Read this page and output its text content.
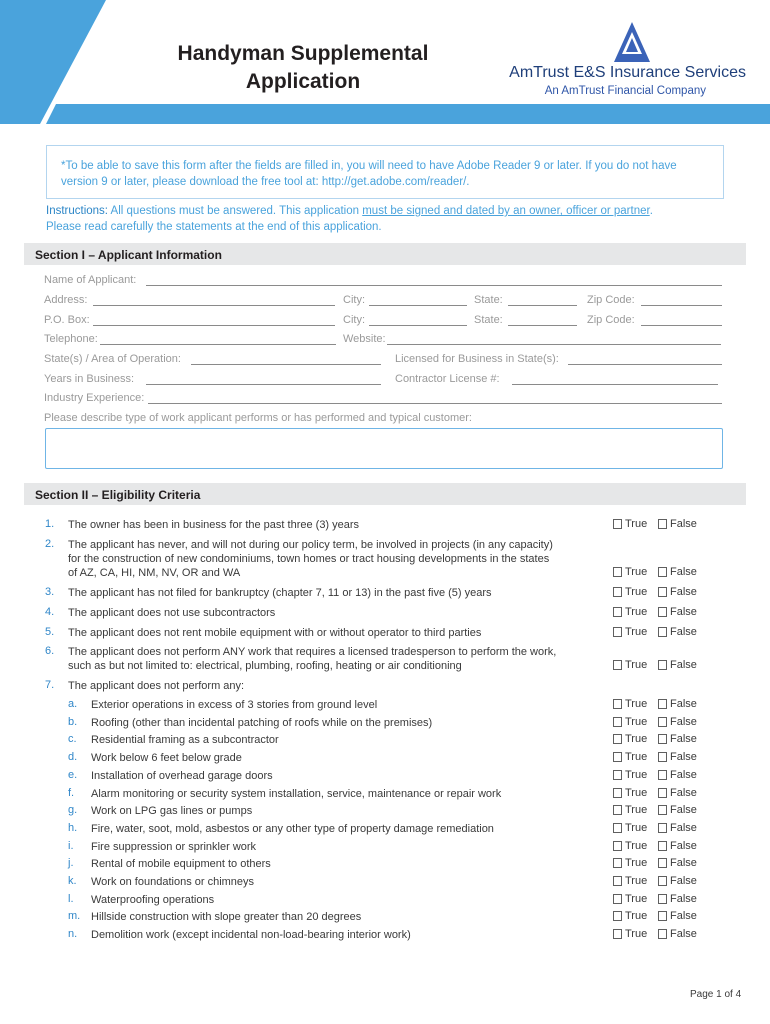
Handyman Supplemental
Application	AmTrust E&S Insurance Services
An AmTrust Financial Company
*To be able to save this form after the fields are filled in, you will need to have Adobe Reader 9 or later. If you do not have version 9 or later, please download the free tool at: http://get.adobe.com/reader/.
Instructions: All questions must be answered. This application must be signed and dated by an owner, officer or partner.
Please read carefully the statements at the end of this application.
Section I – Applicant Information
Name of Applicant:
Address:	City:	State:	Zip Code:
P.O. Box:	City:	State:	Zip Code:
Telephone:	Website:
State(s) / Area of Operation:	Licensed for Business in State(s):
Years in Business:	Contractor License #:
Industry Experience:
Please describe type of work applicant performs or has performed and typical customer:
Section II – Eligibility Criteria
1. The owner has been in business for the past three (3) years	True False
2. The applicant has never, and will not during our policy term, be involved in projects (in any capacity)
for the construction of new condominiums, town homes or tract housing developments in the states
of AZ, CA, HI, NM, NV, OR and WA	True False
3. The applicant has not filed for bankruptcy (chapter 7, 11 or 13) in the past five (5) years	True False
4. The applicant does not use subcontractors	True False
5. The applicant does not rent mobile equipment with or without operator to third parties	True False
6. The applicant does not perform ANY work that requires a licensed tradesperson to perform the work,
such as but not limited to: electrical, plumbing, roofing, heating or air conditioning	True False
7. The applicant does not perform any:
a. Exterior operations in excess of 3 stories from ground level	True False
b. Roofing (other than incidental patching of roofs while on the premises)	True False
c. Residential framing as a subcontractor	True False
d. Work below 6 feet below grade	True False
e. Installation of overhead garage doors	True False
f. Alarm monitoring or security system installation, service, maintenance or repair work	True False
g. Work on LPG gas lines or pumps	True False
h. Fire, water, soot, mold, asbestos or any other type of property damage remediation	True False
i. Fire suppression or sprinkler work	True False
j. Rental of mobile equipment to others	True False
k. Work on foundations or chimneys	True False
l. Waterproofing operations	True False
m. Hillside construction with slope greater than 20 degrees	True False
n. Demolition work (except incidental non-load-bearing interior work)	True False
Page 1 of 4
